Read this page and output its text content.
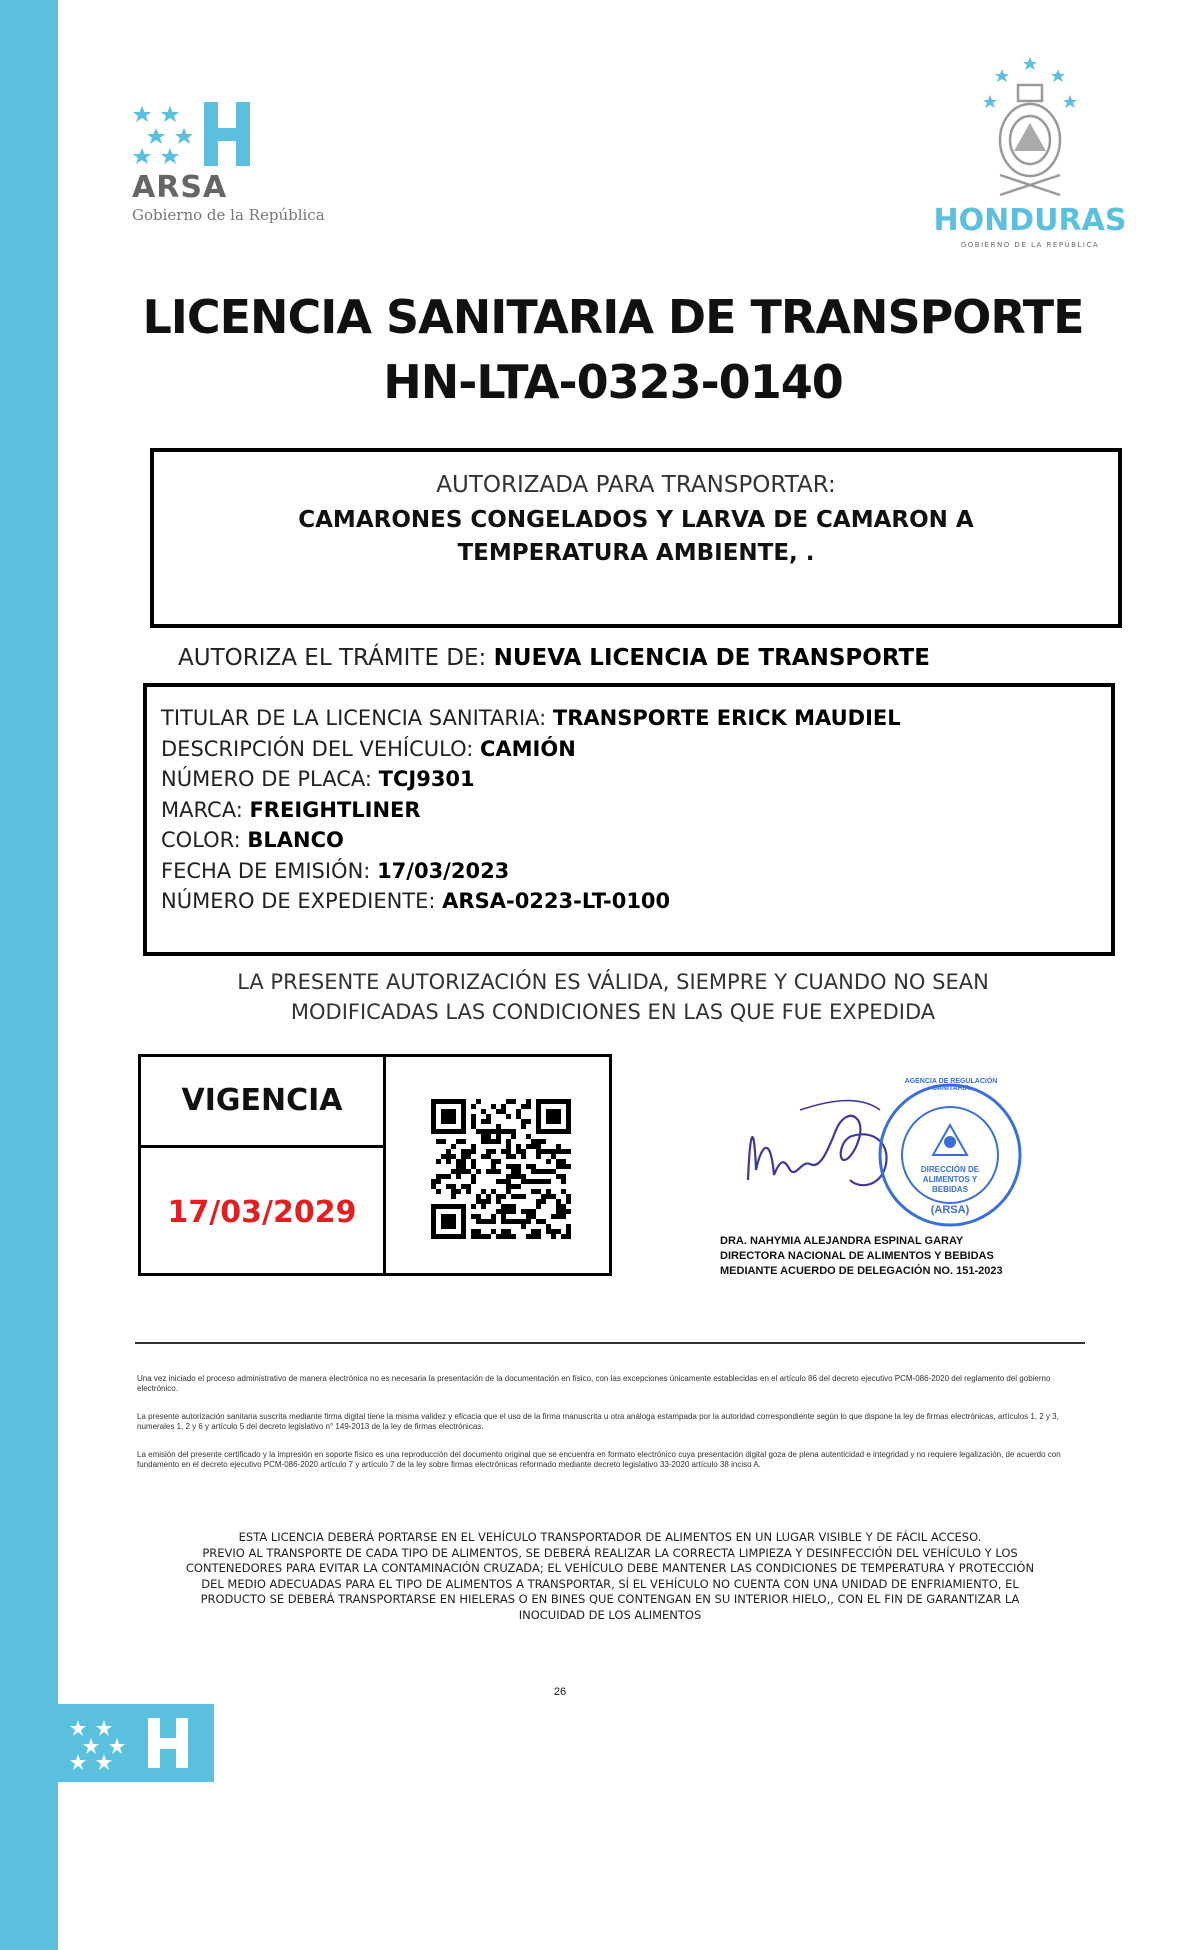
ARSA
Gobierno de la República	HONDURAS
GOBIERNO DE LA REPÚBLICA
LICENCIA SANITARIA DE TRANSPORTE
HN-LTA-0323-0140
AUTORIZADA PARA TRANSPORTAR:
CAMARONES CONGELADOS Y LARVA DE CAMARON A
TEMPERATURA AMBIENTE, .
AUTORIZA EL TRÁMITE DE: NUEVA LICENCIA DE TRANSPORTE
TITULAR DE LA LICENCIA SANITARIA: TRANSPORTE ERICK MAUDIEL
DESCRIPCIÓN DEL VEHÍCULO: CAMIÓN
NÚMERO DE PLACA: TCJ9301
MARCA: FREIGHTLINER
COLOR: BLANCO
FECHA DE EMISIÓN: 17/03/2023
NÚMERO DE EXPEDIENTE: ARSA-0223-LT-0100
LA PRESENTE AUTORIZACIÓN ES VÁLIDA, SIEMPRE Y CUANDO NO SEAN
MODIFICADAS LAS CONDICIONES EN LAS QUE FUE EXPEDIDA
VIGENCIA
17/03/2029
DIRECCIÓN DE ALIMENTOS Y BEBIDAS
(ARSA)
AGENCIA DE REGULACIÓN SANITARIA
DRA. NAHYMIA ALEJANDRA ESPINAL GARAY
DIRECTORA NACIONAL DE ALIMENTOS Y BEBIDAS
MEDIANTE ACUERDO DE DELEGACIÓN NO. 151-2023
Una vez iniciado el proceso administrativo de manera electrónica no es necesaria la presentación de la documentación en físico, con las excepciones únicamente establecidas en el artículo 86 del decreto ejecutivo PCM-086-2020 del reglamento del gobierno electrónico.
La presente autorización sanitaria suscrita mediante firma digital tiene la misma validez y eficacia que el uso de la firma manuscrita u otra análoga estampada por la autoridad correspondiente según lo que dispone la ley de firmas electrónicas, artículos 1, 2 y 3, numerales 1, 2 y 6 y artículo 5 del decreto legislativo n° 149-2013 de la ley de firmas electrónicas.
La emisión del presente certificado y la impresión en soporte físico es una reproducción del documento original que se encuentra en formato electrónico cuya presentación digital goza de plena autenticidad e integridad y no requiere legalización, de acuerdo con fundamento en el decreto ejecutivo PCM-086-2020 artículo 7 y artículo 7 de la ley sobre firmas electrónicas reformado mediante decreto legislativo 33-2020 artículo 38 inciso A.
ESTA LICENCIA DEBERÁ PORTARSE EN EL VEHÍCULO TRANSPORTADOR DE ALIMENTOS EN UN LUGAR VISIBLE Y DE FÁCIL ACCESO.
PREVIO AL TRANSPORTE DE CADA TIPO DE ALIMENTOS, SE DEBERÁ REALIZAR LA CORRECTA LIMPIEZA Y DESINFECCIÓN DEL VEHÍCULO Y LOS
CONTENEDORES PARA EVITAR LA CONTAMINACIÓN CRUZADA; EL VEHÍCULO DEBE MANTENER LAS CONDICIONES DE TEMPERATURA Y PROTECCIÓN
DEL MEDIO ADECUADAS PARA EL TIPO DE ALIMENTOS A TRANSPORTAR, SÍ EL VEHÍCULO NO CUENTA CON UNA UNIDAD DE ENFRIAMIENTO, EL
PRODUCTO SE DEBERÁ TRANSPORTARSE EN HIELERAS O EN BINES QUE CONTENGAN EN SU INTERIOR HIELO,, CON EL FIN DE GARANTIZAR LA
INOCUIDAD DE LOS ALIMENTOS
26
